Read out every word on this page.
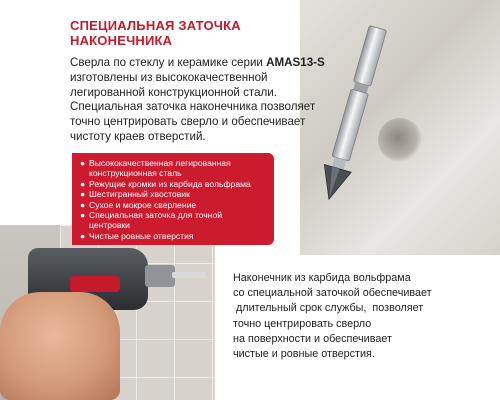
СПЕЦИАЛЬНАЯ ЗАТОЧКА
НАКОНЕЧНИКА

Сверла по стеклу и керамике серии AMAS13-S
изготовлены из высококачественной
легированной конструкционной стали.
Специальная заточка наконечника позволяет
точно центрировать сверло и обеспечивает
чистоту краев отверстий.

● Высококачественная легированная
конструкционная сталь
● Режущие кромки из карбида вольфрама
● Шестигранный хвостовик
● Сухое и мокрое сверление
● Специальная заточка для точной
центровки
● Чистые ровные отверстия

Наконечник из карбида вольфрама
со специальной заточкой обеспечивает
длительный срок службы,  позволяет
точно центрировать сверло
на поверхности и обеспечивает
чистые и ровные отверстия.
